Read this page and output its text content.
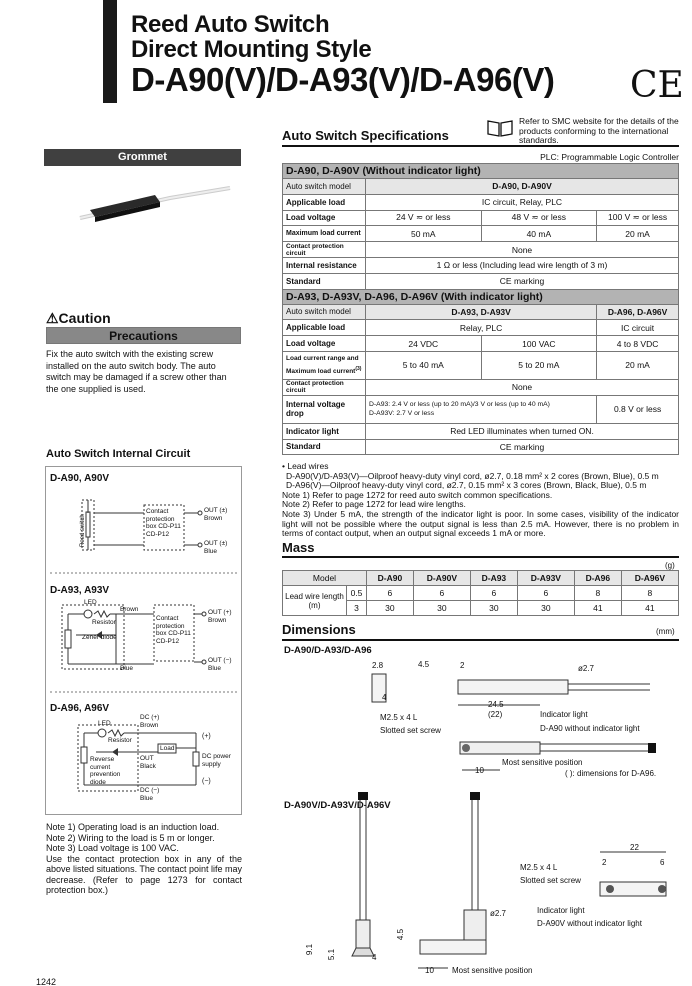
Reed Auto Switch
Direct Mounting Style
D-A90(V)/D-A93(V)/D-A96(V) CE
Grommet
⚠Caution
Precautions
Fix the auto switch with the existing screw installed on the auto switch body. The auto switch may be damaged if a screw other than the one supplied is used.
Auto Switch Internal Circuit
D-A90, A90V
D-A93, A93V
D-A96, A96V
Reed switch
Contact protection box CD-P11 CD-P12
OUT (±)
Brown
OUT (±)
Blue
LED
Resistor
Zener diode
Brown
Blue
Contact protection box CD-P11 CD-P12
OUT (+)
Brown
OUT (−)
Blue
LED
Resistor
Reverse current prevention diode
DC (+)
Brown
OUT
Black
Load
DC (−)
Blue
(+)
(−)
DC power supply
Note 1) Operating load is an induction load.
Note 2) Wiring to the load is 5 m or longer.
Note 3) Load voltage is 100 VAC.
Use the contact protection box in any of the above listed situations. The contact point life may decrease. (Refer to page 1273 for contact protection box.)
1242
Auto Switch Specifications
Refer to SMC website for the details of the products conforming to the international standards.
PLC: Programmable Logic Controller
D-A90, D-A90V (Without indicator light)			
Auto switch model	D-A90, D-A90V		
Applicable load	IC circuit, Relay, PLC		
Load voltage	24 V ≂ or less	48 V ≂ or less	100 V ≂ or less
Maximum load current	50 mA	40 mA	20 mA
Contact protection circuit	None		
Internal resistance	1 Ω or less (Including lead wire length of 3 m)		
Standard	CE marking		
D-A93, D-A93V, D-A96, D-A96V (With indicator light)			
Auto switch model	D-A93, D-A93V		D-A96, D-A96V
Applicable load	Relay, PLC		IC circuit
Load voltage	24 VDC	100 VAC	4 to 8 VDC
Load current range and
Maximum load current$^{(3)}$	5 to 40 mA	5 to 20 mA	20 mA
Contact protection circuit	None		
Internal voltage drop	D-A93: 2.4 V or less (up to 20 mA)/3 V or less (up to 40 mA)
D-A93V: 2.7 V or less		0.8 V or less
Indicator light	Red LED illuminates when turned ON.		
Standard	CE marking		
• Lead wires
D-A90(V)/D-A93(V)—Oilproof heavy-duty vinyl cord, ø2.7, 0.18 mm² x 2 cores (Brown, Blue), 0.5 m
D-A96(V)—Oilproof heavy-duty vinyl cord, ø2.7, 0.15 mm² x 3 cores (Brown, Black, Blue), 0.5 m
Note 1) Refer to page 1272 for reed auto switch common specifications.
Note 2) Refer to page 1272 for lead wire lengths.
Note 3) Under 5 mA, the strength of the indicator light is poor. In some cases, visibility of the indicator light will not be possible where the output signal is less than 2.5 mA. However, there is no problem in terms of contact output, when an output signal exceeds 1 mA or more.
Mass
(g)
Model		D-A90	D-A90V	D-A93	D-A93V	D-A96	D-A96V
Lead wire length (m)	0.5	6	6	6	6	8	8
	3	30	30	30	30	41	41
Dimensions	(mm)
D-A90/D-A93/D-A96
2.8	4.5	2	ø2.7
4
24.5
(22)
M2.5 x 4 L
Slotted set screw
Indicator light
D-A90 without indicator light
10
Most sensitive position
( ): dimensions for D-A96.
D-A90V/D-A93V/D-A96V
22
2	6
M2.5 x 4 L
Slotted set screw
Indicator light
D-A90V without indicator light
ø2.7
9.1 5.1
4.5
4
10 Most sensitive position
